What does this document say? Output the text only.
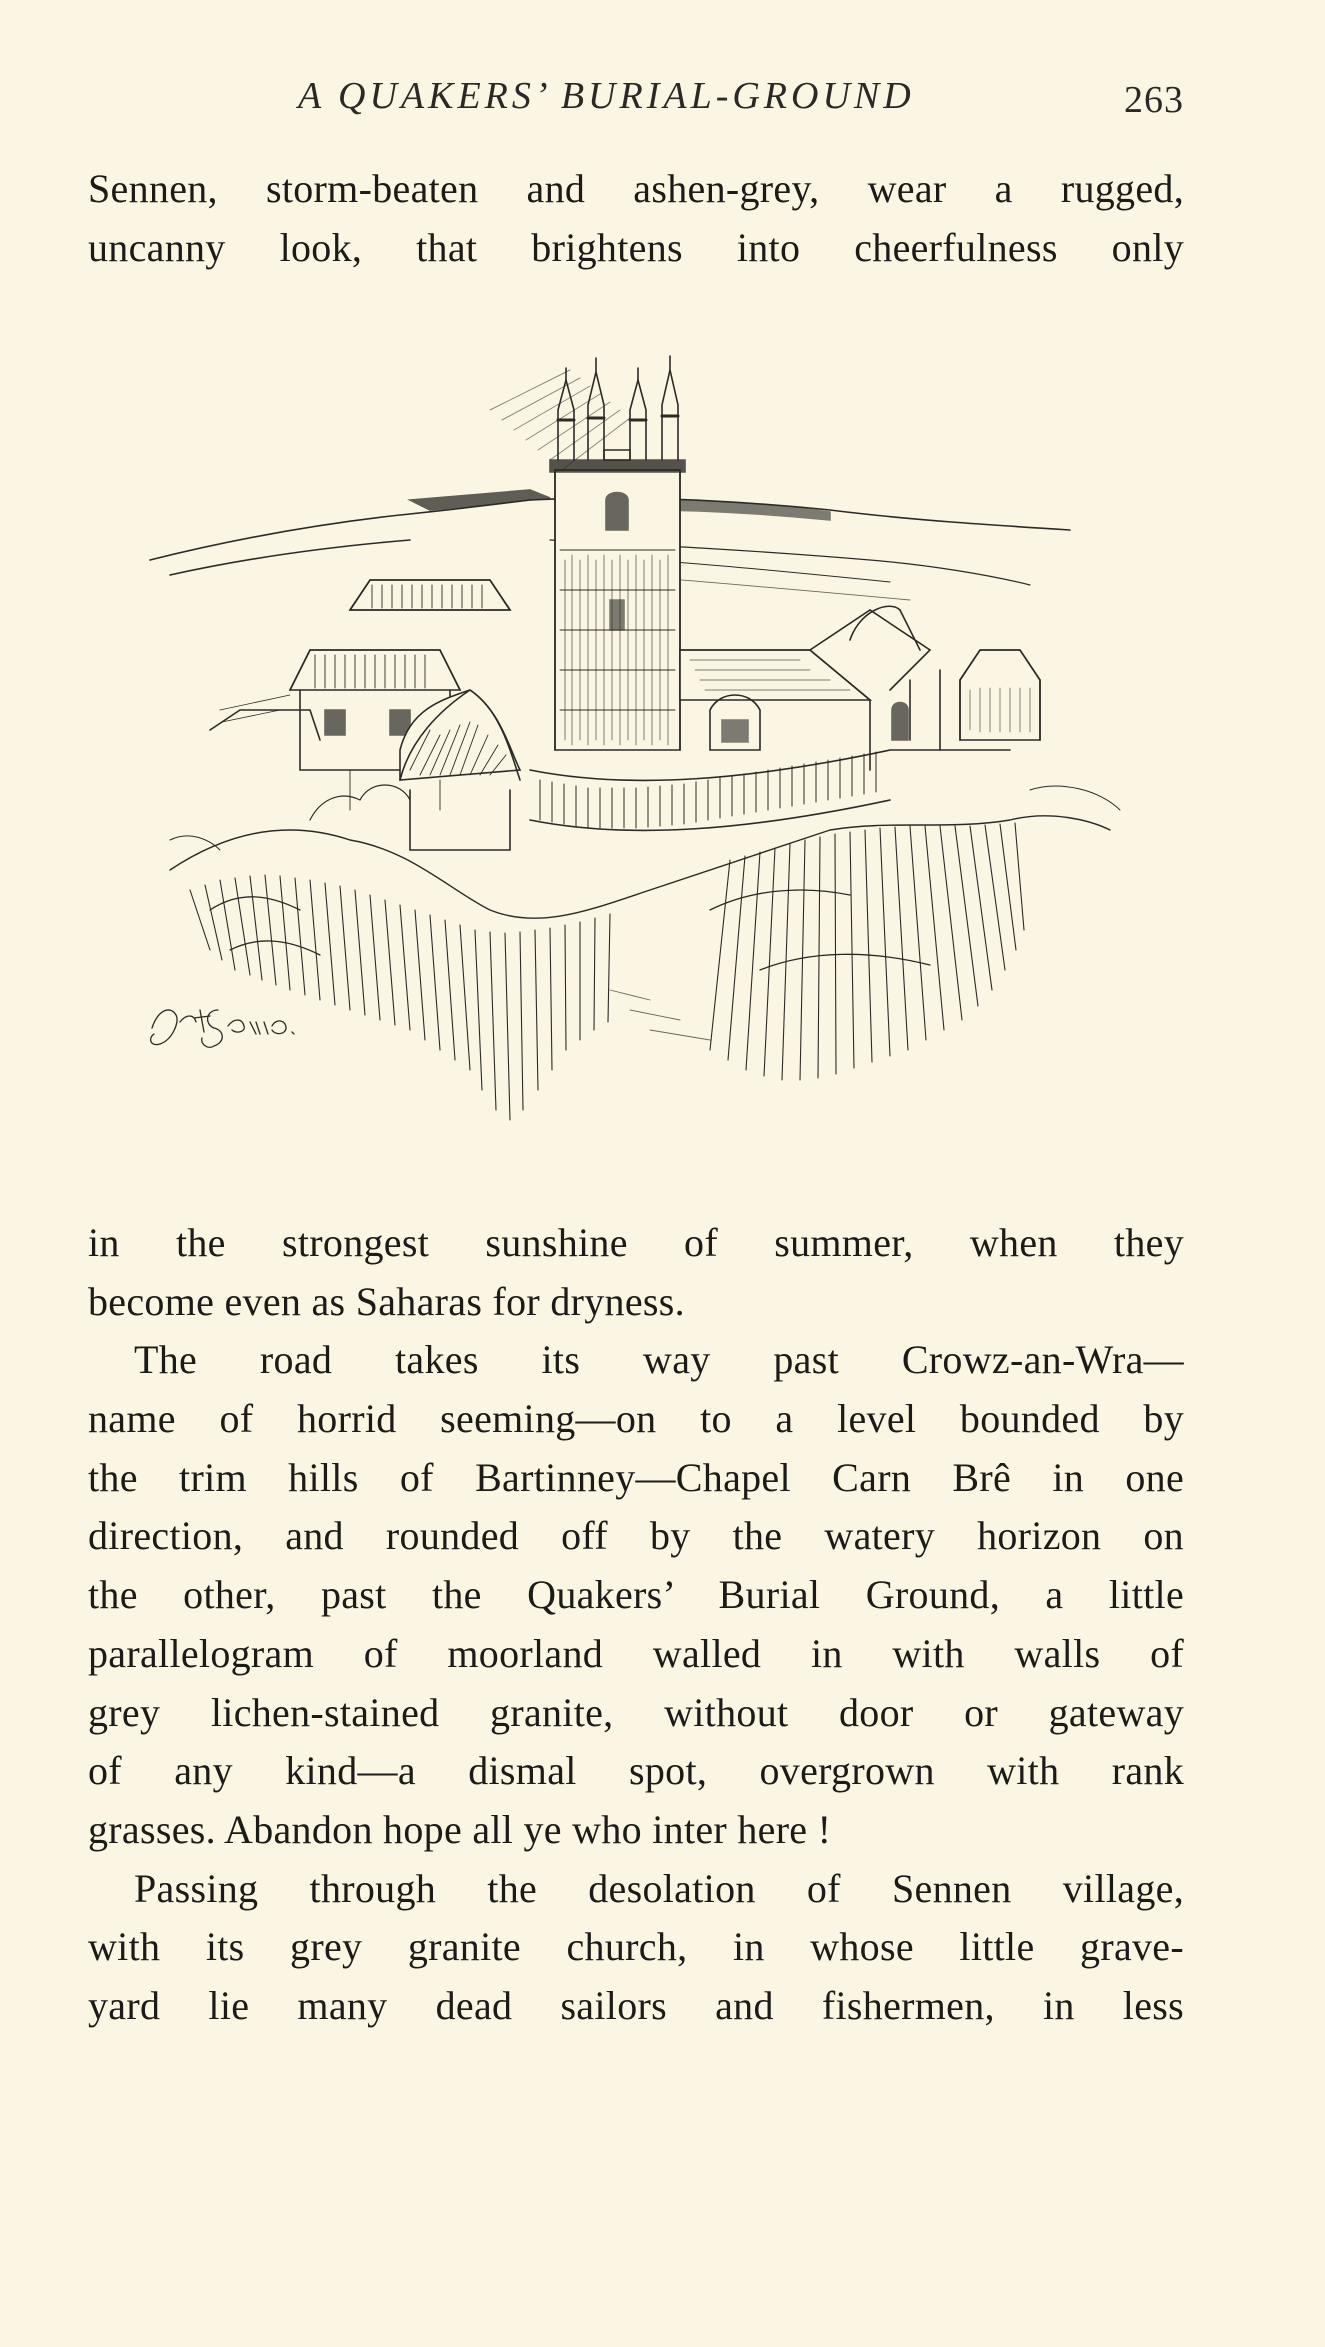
A QUAKERS’ BURIAL-GROUND	263
Sennen, storm-beaten and ashen-grey, wear a rugged,
uncanny look, that brightens into cheerfulness only
in the strongest sunshine of summer, when they
become even as Saharas for dryness.
The road takes its way past Crowz-an-Wra—
name of horrid seeming—on to a level bounded by
the trim hills of Bartinney—Chapel Carn Brê in one
direction, and rounded off by the watery horizon on
the other, past the Quakers’ Burial Ground, a little
parallelogram of moorland walled in with walls of
grey lichen-stained granite, without door or gateway
of any kind—a dismal spot, overgrown with rank
grasses. Abandon hope all ye who inter here !
Passing through the desolation of Sennen village,
with its grey granite church, in whose little grave-
yard lie many dead sailors and fishermen, in less
